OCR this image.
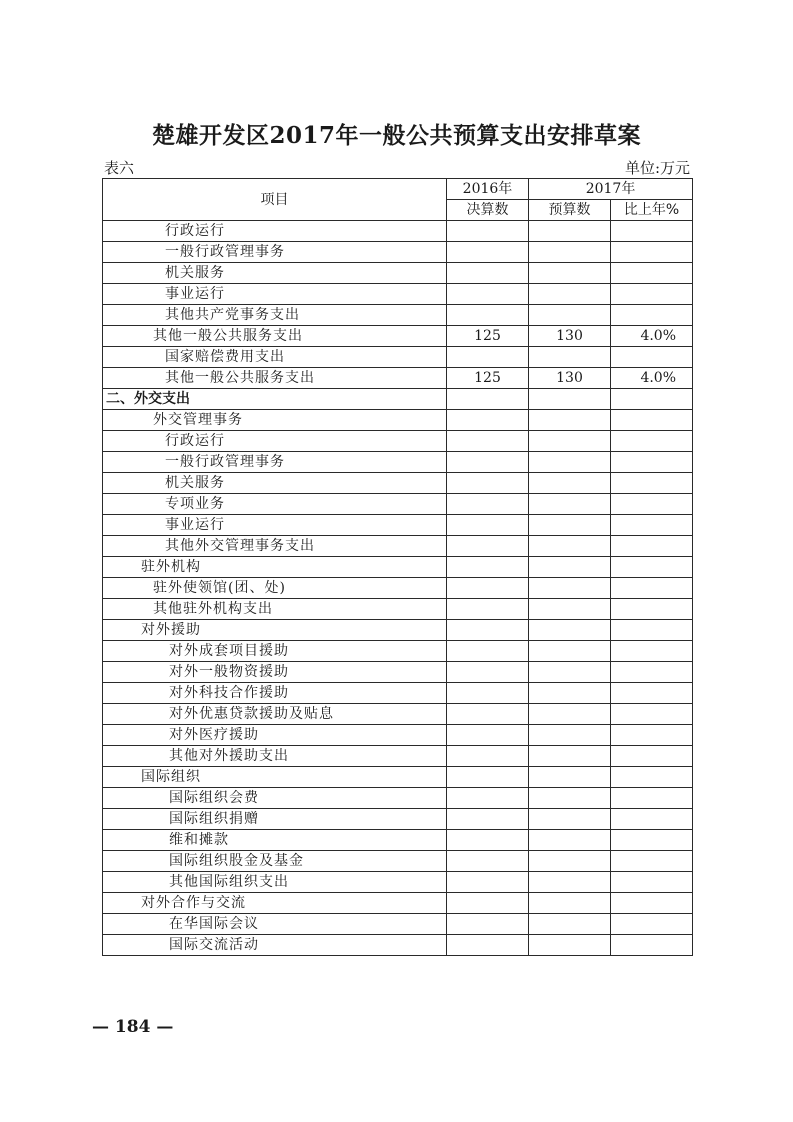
楚雄开发区2017年一般公共预算支出安排草案
表六	单位:万元
项目	2016年	2017年	
	决算数	预算数	比上年%
行政运行			
一般行政管理事务			
机关服务			
事业运行			
其他共产党事务支出			
其他一般公共服务支出	125	130	4.0%
国家赔偿费用支出			
其他一般公共服务支出	125	130	4.0%
二、外交支出			
外交管理事务			
行政运行			
一般行政管理事务			
机关服务			
专项业务			
事业运行			
其他外交管理事务支出			
驻外机构			
驻外使领馆(团、处)			
其他驻外机构支出			
对外援助			
对外成套项目援助			
对外一般物资援助			
对外科技合作援助			
对外优惠贷款援助及贴息			
对外医疗援助			
其他对外援助支出			
国际组织			
国际组织会费			
国际组织捐赠			
维和摊款			
国际组织股金及基金			
其他国际组织支出			
对外合作与交流			
在华国际会议			
国际交流活动			
— 184 —
